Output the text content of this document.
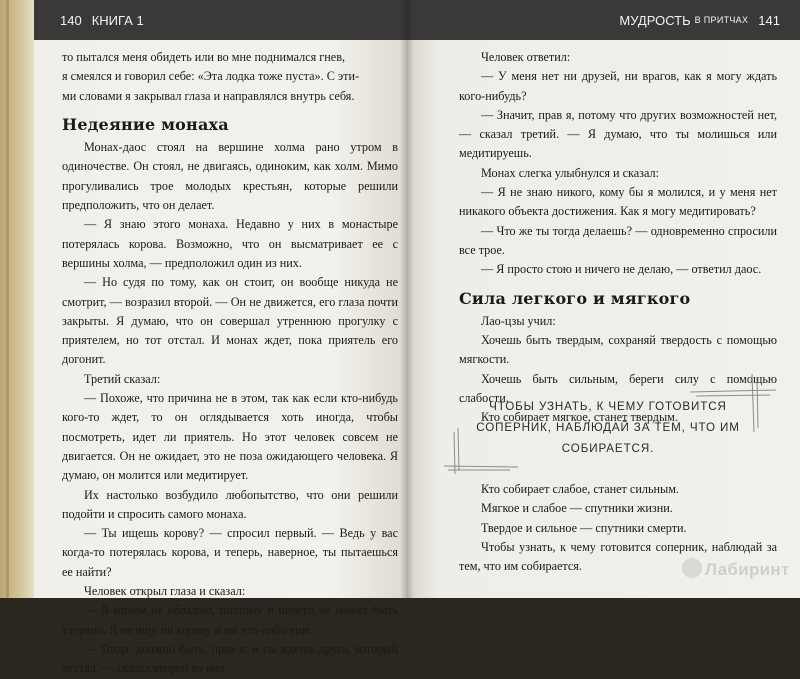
140 КНИГА 1

то пытался меня обидеть или во мне поднимался гнев,

я смеялся и говорил себе: «Эта лодка тоже пуста». С эти-

ми словами я закрывал глаза и направлялся внутрь себя.

Недеяние монаха

Монах-даос стоял на вершине холма рано утром в одиночестве. Он стоял, не двигаясь, одиноким, как холм. Мимо прогуливались трое молодых крестьян, которые решили предположить, что он делает.

— Я знаю этого монаха. Недавно у них в монастыре потерялась корова. Возможно, что он высматривает ее с вершины холма, — предположил один из них.

— Но судя по тому, как он стоит, он вообще никуда не смотрит, — возразил второй. — Он не движется, его глаза почти закрыты. Я думаю, что он совершал утреннюю прогулку с приятелем, но тот отстал. И монах ждет, пока приятель его догонит.

Третий сказал:

— Похоже, что причина не в этом, так как если кто-нибудь кого-то ждет, то он оглядывается хоть иногда, чтобы посмотреть, идет ли приятель. Но этот человек совсем не двигается. Он не ожидает, это не поза ожидающего человека. Я думаю, он молится или медитирует.

Их настолько возбудило любопытство, что они решили подойти и спросить самого монаха.

— Ты ищешь корову? — спросил первый. — Ведь у вас когда-то потерялась корова, и теперь, наверное, ты пытаешься ее найти?

Человек открыл глаза и сказал:

— Я ничем не обладаю, поэтому и ничего не может быть утеряно. Я не ищу ни корову и ни что-либо еще.

— Тогда, должно быть, прав я, и ты ждешь друга, который отстал, — сказал второй из них.

МУДРОСТЬ В ПРИТЧАХ 141

Человек ответил:

— У меня нет ни друзей, ни врагов, как я могу ждать кого-нибудь?

— Значит, прав я, потому что других возможностей нет, — сказал третий. — Я думаю, что ты молишься или медитируешь.

Монах слегка улыбнулся и сказал:

— Я не знаю никого, кому бы я молился, и у меня нет никакого объекта достижения. Как я могу медитировать?

— Что же ты тогда делаешь? — одновременно спросили все трое.

— Я просто стою и ничего не делаю, — ответил даос.

Сила легкого и мягкого

Лао-цзы учил:

Хочешь быть твердым, сохраняй твердость с помощью мягкости.

Хочешь быть сильным, береги силу с помощью слабости.

Кто собирает мягкое, станет твердым.

Кто собирает слабое, станет сильным.

Мягкое и слабое — спутники жизни.

Твердое и сильное — спутники смерти.

Чтобы узнать, к чему готовится соперник, наблюдай за тем, что им собирается.

ЧТОБЫ УЗНАТЬ, К ЧЕМУ ГОТОВИТСЯ СОПЕРНИК, НАБЛЮДАЙ ЗА ТЕМ, ЧТО ИМ СОБИРАЕТСЯ.
Лабиринт
